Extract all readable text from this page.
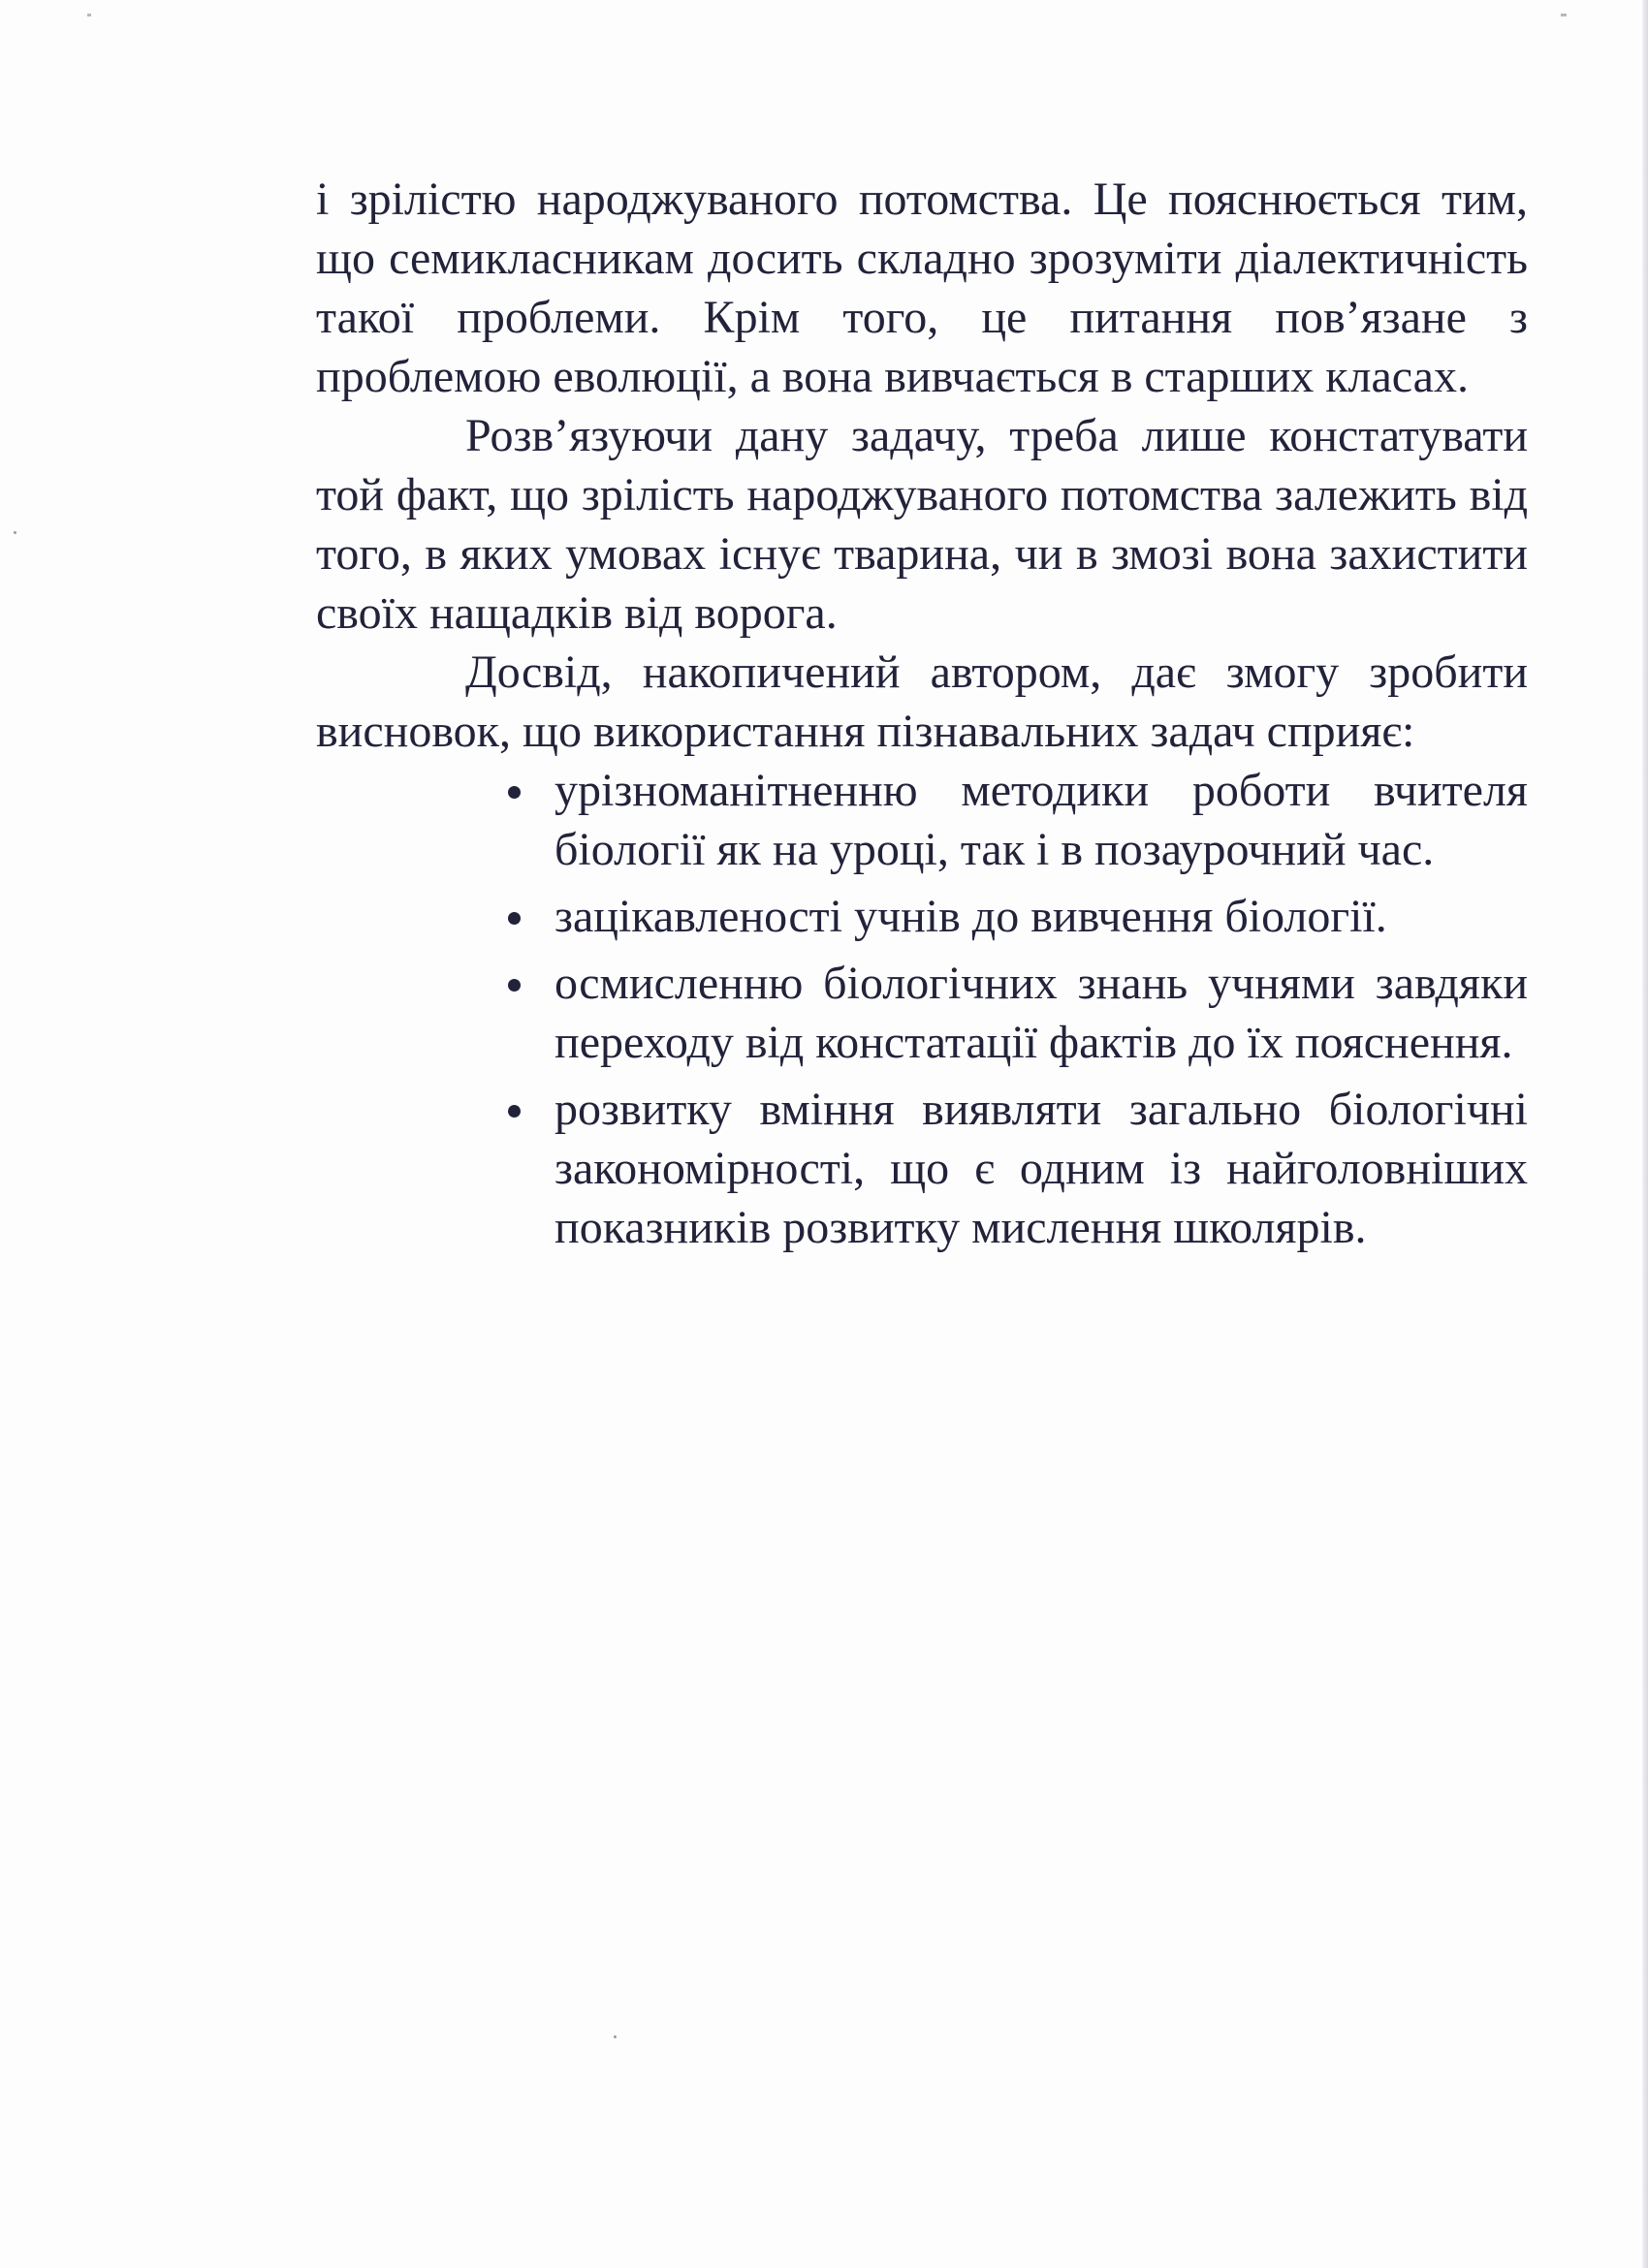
і зрілістю народжуваного потомства. Це пояснюється тим, що семикласникам досить складно зрозуміти діалектичність такої проблеми. Крім того, це питання пов’язане з проблемою еволюції, а вона вивчається в старших класах.

Розв’язуючи дану задачу, треба лише констатувати той факт, що зрілість народжуваного потомства залежить від того, в яких умовах існує тварина, чи в змозі вона захистити своїх нащадків від ворога.

Досвід, накопичений автором, дає змогу зробити висновок, що використання пізнавальних задач сприяє:

урізноманітненню методики роботи вчителя біології як на уроці, так і в позаурочний час.
зацікавленості учнів до вивчення біології.
осмисленню біологічних знань учнями завдяки переходу від констатації фактів до їх пояснення.
розвитку вміння виявляти загально біологічні закономірності, що є одним із найголовніших показників розвитку мислення школярів.
